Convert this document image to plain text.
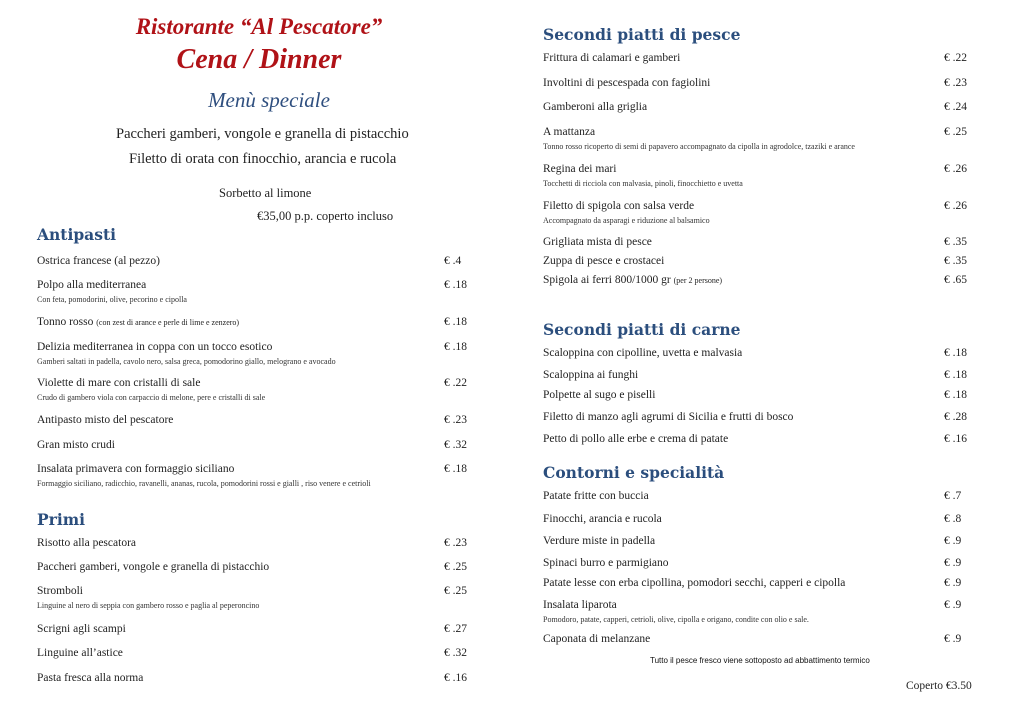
Ristorante “Al Pescatore”
Cena / Dinner
Menù speciale
Paccheri gamberi, vongole e granella di pistacchio
Filetto di orata con finocchio, arancia e rucola
Sorbetto al limone
€35,00 p.p. coperto incluso
Antipasti
Ostrica francese (al pezzo)	€ .4
Polpo alla mediterranea
Con feta, pomodorini, olive, pecorino e cipolla
€ .18
Tonno rosso (con zest di arance e perle di lime e zenzero)	€ .18
Delizia mediterranea in coppa con un tocco esotico
Gamberi saltati in padella, cavolo nero, salsa greca, pomodorino giallo, melograno e avocado
€ .18
Violette di mare con cristalli di sale
Crudo di gambero viola con carpaccio di melone, pere e cristalli di sale
€ .22
Antipasto misto del pescatore	€ .23
Gran misto crudi	€ .32
Insalata primavera con formaggio siciliano
Formaggio siciliano, radicchio, ravanelli, ananas, rucola, pomodorini rossi e gialli , riso venere e cetrioli
€ .18
Primi
Risotto alla pescatora	€ .23
Paccheri gamberi, vongole e granella di pistacchio	€ .25
Stromboli
Linguine al nero di seppia con gambero rosso e paglia al peperoncino
€ .25
Scrigni agli scampi	€ .27
Linguine all’astice	€ .32
Pasta fresca alla norma	€ .16
Secondi piatti di pesce
Frittura di calamari e gamberi	€ .22
Involtini di pescespada con fagiolini	€ .23
Gamberoni alla griglia	€ .24
A mattanza
Tonno rosso ricoperto di semi di papavero accompagnato da cipolla in agrodolce, tzaziki e arance
€ .25
Regina dei mari
Tocchetti di ricciola con malvasia, pinoli, finocchietto e uvetta
€ .26
Filetto di spigola con salsa verde
Accompagnato da asparagi e riduzione al balsamico
€ .26
Grigliata mista di pesce	€ .35
Zuppa di pesce e crostacei	€ .35
Spigola ai ferri 800/1000 gr (per 2 persone)	€ .65
Secondi piatti di carne
Scaloppina con cipolline, uvetta e malvasia	€ .18
Scaloppina ai funghi	€ .18
Polpette al sugo e piselli	€ .18
Filetto di manzo agli agrumi di Sicilia e frutti di bosco	€ .28
Petto di pollo alle erbe e crema di patate	€ .16
Contorni e specialità
Patate fritte con buccia	€ .7
Finocchi, arancia e rucola	€ .8
Verdure miste in padella	€ .9
Spinaci burro e parmigiano	€ .9
Patate lesse con erba cipollina, pomodori secchi, capperi e cipolla	€ .9
Insalata liparota
Pomodoro, patate, capperi, cetrioli, olive, cipolla e origano, condite con olio e sale.
€ .9
Caponata di melanzane	€ .9
Tutto il pesce fresco viene sottoposto ad abbattimento termico
Coperto €3.50
